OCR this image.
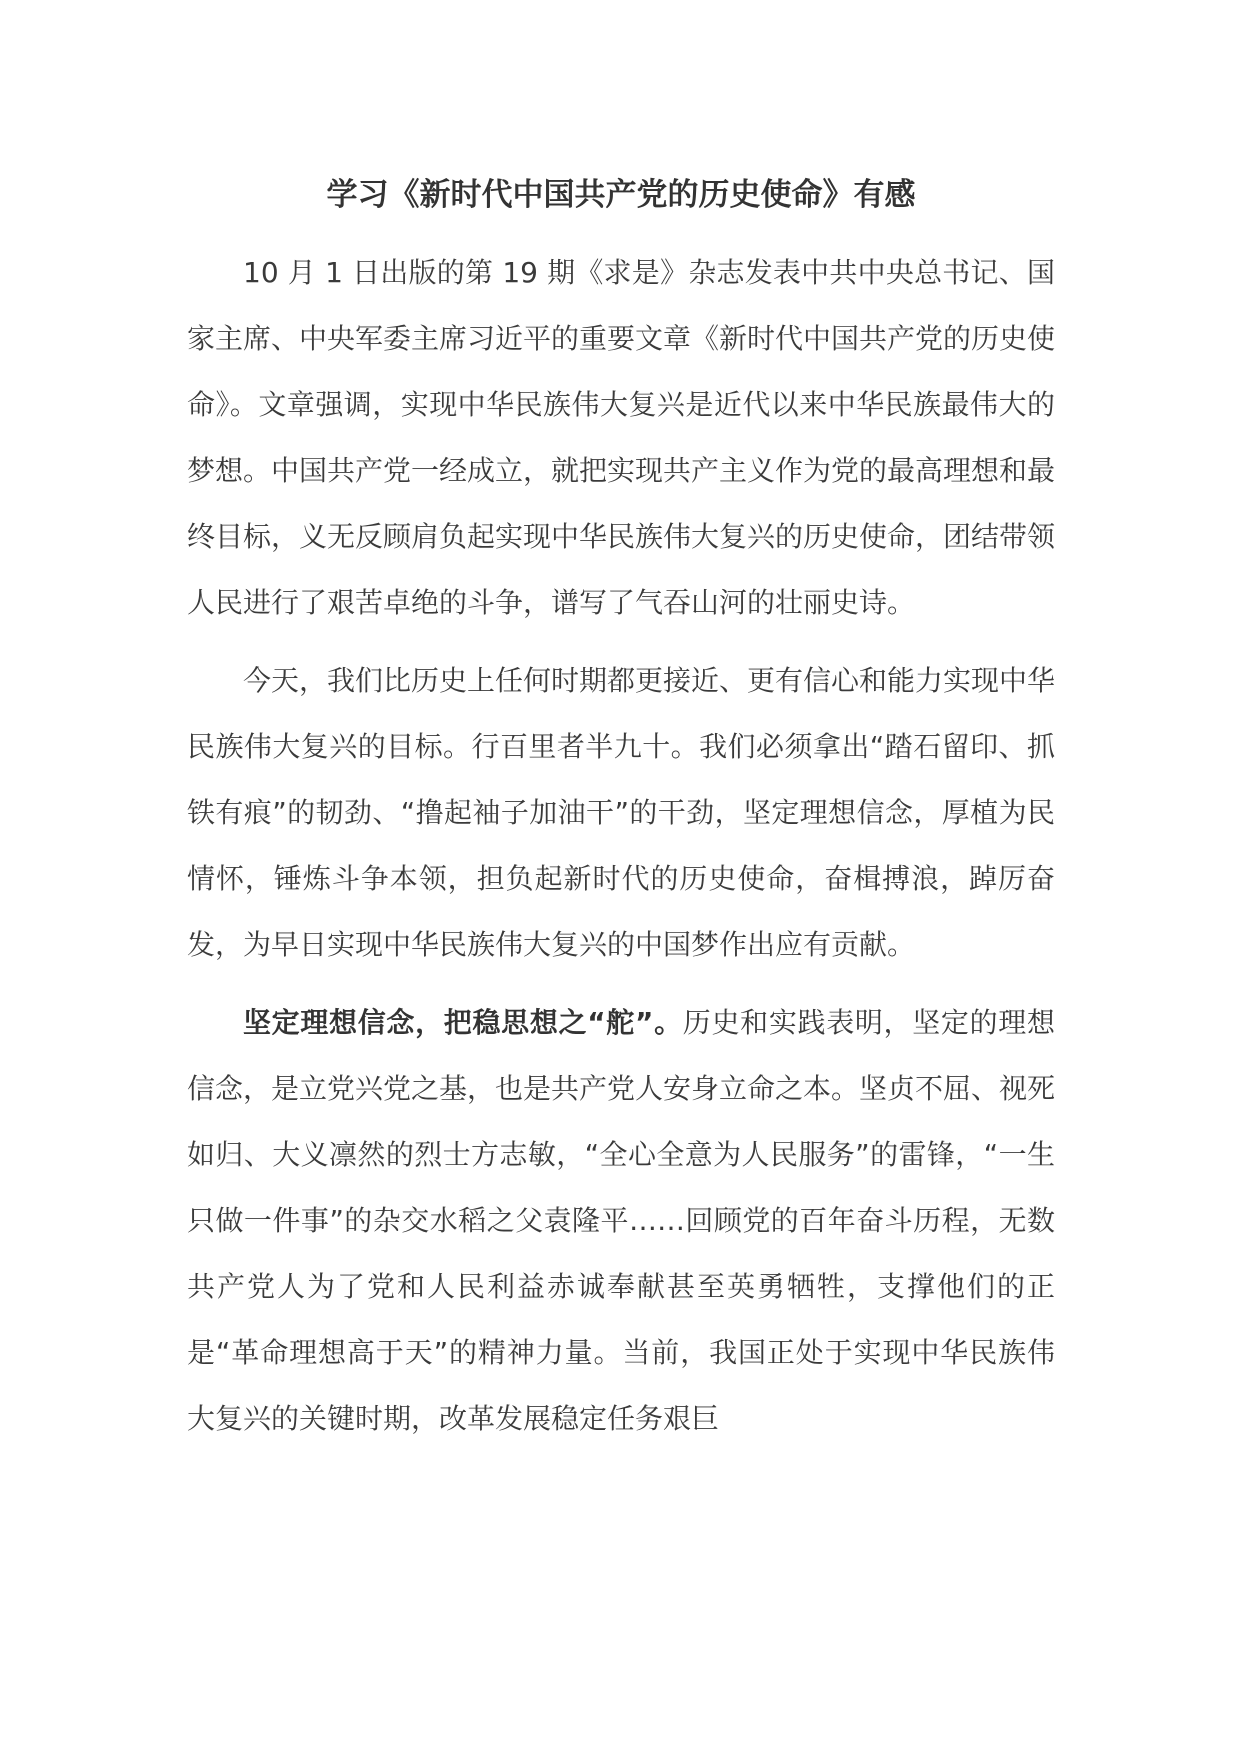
学习《新时代中国共产党的历史使命》有感

10 月 1 日出版的第 19 期《求是》杂志发表中共中央总书记、国家主席、中央军委主席习近平的重要文章《新时代中国共产党的历史使命》。文章强调，实现中华民族伟大复兴是近代以来中华民族最伟大的梦想。中国共产党一经成立，就把实现共产主义作为党的最高理想和最终目标，义无反顾肩负起实现中华民族伟大复兴的历史使命，团结带领人民进行了艰苦卓绝的斗争，谱写了气吞山河的壮丽史诗。

今天，我们比历史上任何时期都更接近、更有信心和能力实现中华民族伟大复兴的目标。行百里者半九十。我们必须拿出“踏石留印、抓铁有痕”的韧劲、“撸起袖子加油干”的干劲，坚定理想信念，厚植为民情怀，锤炼斗争本领，担负起新时代的历史使命，奋楫搏浪，踔厉奋发，为早日实现中华民族伟大复兴的中国梦作出应有贡献。

坚定理想信念，把稳思想之“舵”。历史和实践表明，坚定的理想信念，是立党兴党之基，也是共产党人安身立命之本。坚贞不屈、视死如归、大义凛然的烈士方志敏，“全心全意为人民服务”的雷锋，“一生只做一件事”的杂交水稻之父袁隆平……回顾党的百年奋斗历程，无数共产党人为了党和人民利益赤诚奉献甚至英勇牺牲，支撑他们的正是“革命理想高于天”的精神力量。当前，我国正处于实现中华民族伟大复兴的关键时期，改革发展稳定任务艰巨
